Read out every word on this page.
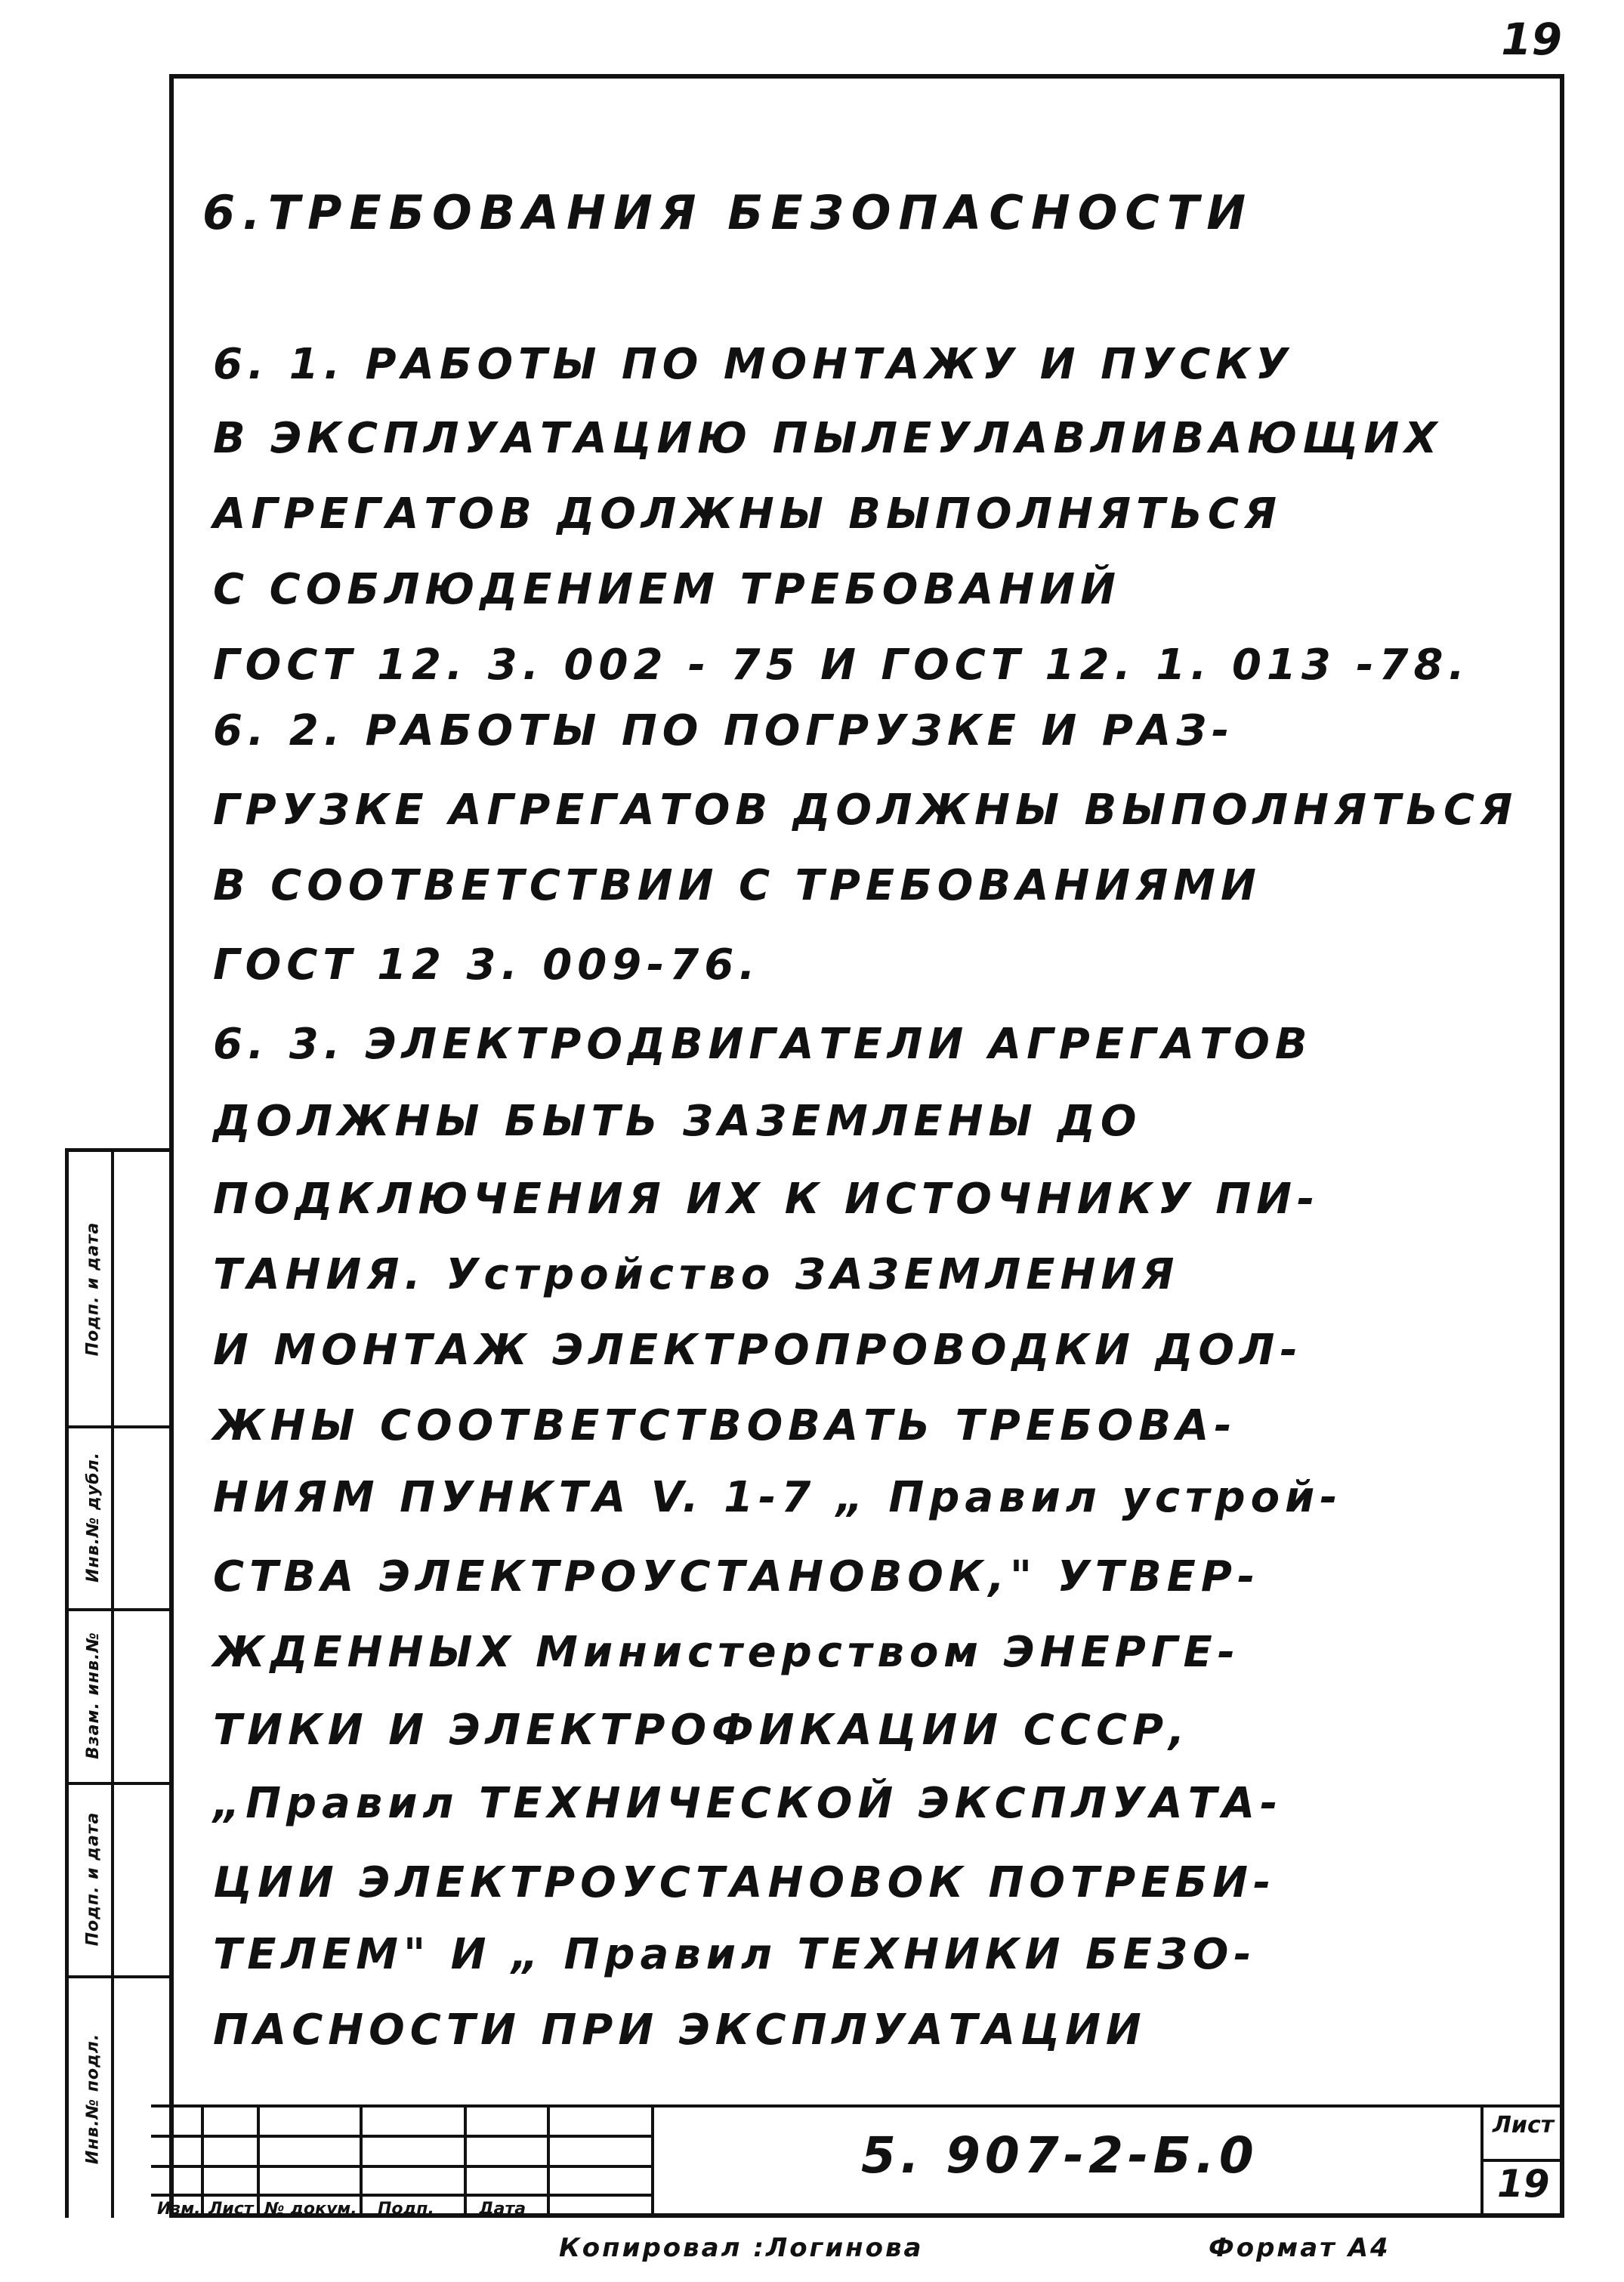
19
6.ТРЕБОВАНИЯ БЕЗОПАСНОСТИ
6. 1. РАБОТЫ ПО МОНТАЖУ И ПУСКУ
В ЭКСПЛУАТАЦИЮ ПЫЛЕУЛАВЛИВАЮЩИХ
АГРЕГАТОВ ДОЛЖНЫ ВЫПОЛНЯТЬСЯ
С СОБЛЮДЕНИЕМ ТРЕБОВАНИЙ
ГОСТ 12. 3. 002 - 75 И ГОСТ 12. 1. 013 -78.
6. 2. РАБОТЫ ПО ПОГРУЗКЕ И РАЗ-
ГРУЗКЕ АГРЕГАТОВ ДОЛЖНЫ ВЫПОЛНЯТЬСЯ
В СООТВЕТСТВИИ С ТРЕБОВАНИЯМИ
ГОСТ 12 3. 009-76.
6. 3. ЭЛЕКТРОДВИГАТЕЛИ АГРЕГАТОВ
ДОЛЖНЫ БЫТЬ ЗАЗЕМЛЕНЫ ДО
ПОДКЛЮЧЕНИЯ ИХ К ИСТОЧНИКУ ПИ-
ТАНИЯ. Устройство ЗАЗЕМЛЕНИЯ
И МОНТАЖ ЭЛЕКТРОПРОВОДКИ ДОЛ-
ЖНЫ СООТВЕТСТВОВАТЬ ТРЕБОВА-
НИЯМ ПУНКТА V. 1-7 „ Правил устрой-
СТВА ЭЛЕКТРОУСТАНОВОК," УТВЕР-
ЖДЕННЫХ Министерством ЭНЕРГЕ-
ТИКИ И ЭЛЕКТРОФИКАЦИИ СССР,
„Правил ТЕХНИЧЕСКОЙ ЭКСПЛУАТА-
ЦИИ ЭЛЕКТРОУСТАНОВОК ПОТРЕБИ-
ТЕЛЕМ" И „ Правил ТЕХНИКИ БЕЗО-
ПАСНОСТИ ПРИ ЭКСПЛУАТАЦИИ
Инв.№ подл.
Подп. и дата
Взам. инв.№
Инв.№ дубл.
Подп. и дата
Изм. Лист № докум. Подп.	Дата
5. 907-2-Б.0
Лист
19
Копировал :Логинова	Формат А4
